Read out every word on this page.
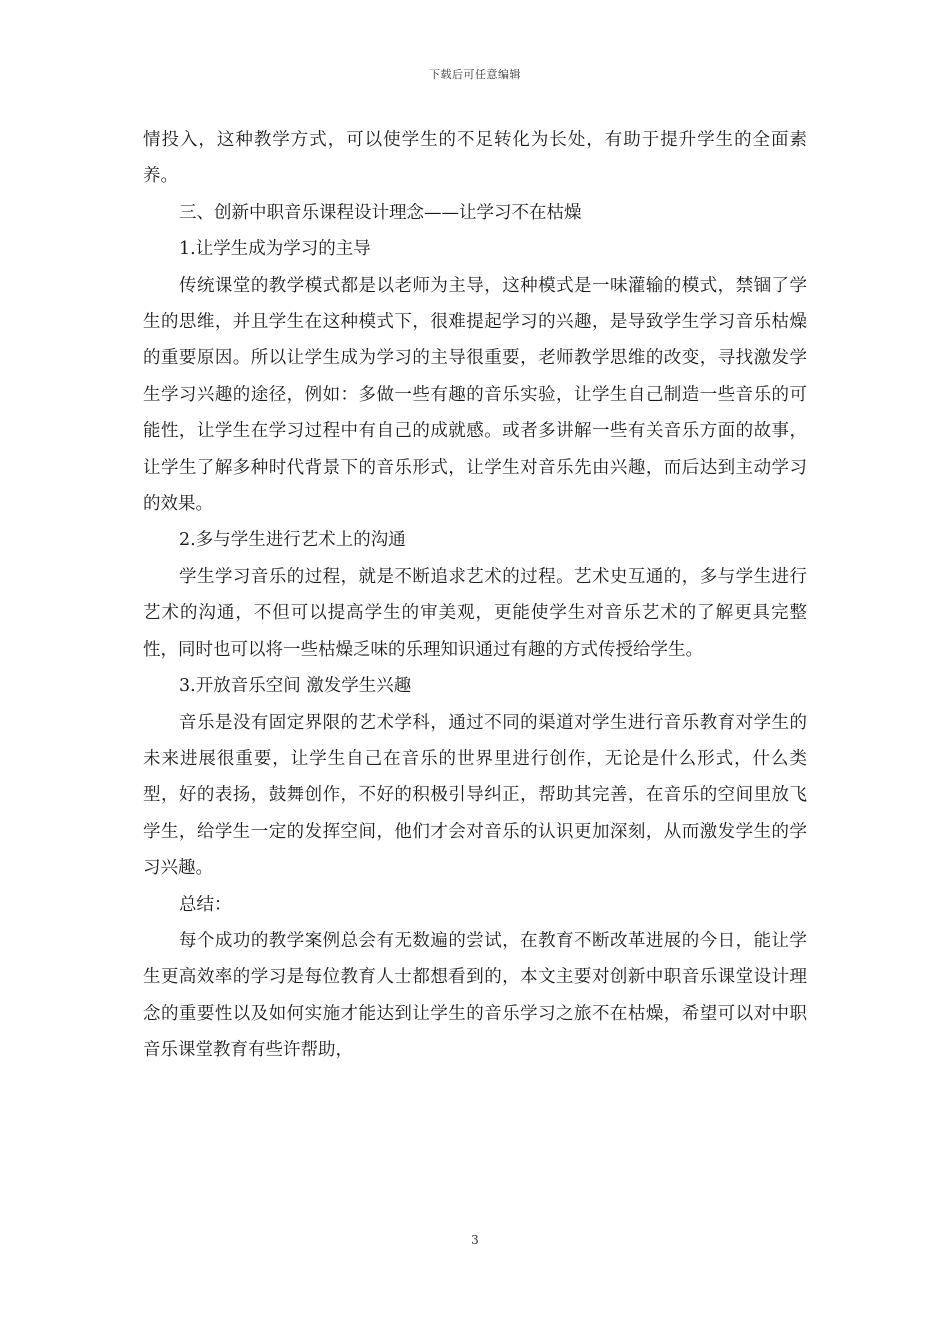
下载后可任意编辑

情投入，这种教学方式，可以使学生的不足转化为长处，有助于提升学生的全面素养。

三、创新中职音乐课程设计理念——让学习不在枯燥

1.让学生成为学习的主导

传统课堂的教学模式都是以老师为主导，这种模式是一味灌输的模式，禁锢了学生的思维，并且学生在这种模式下，很难提起学习的兴趣，是导致学生学习音乐枯燥的重要原因。所以让学生成为学习的主导很重要，老师教学思维的改变，寻找激发学生学习兴趣的途径，例如：多做一些有趣的音乐实验，让学生自己制造一些音乐的可能性，让学生在学习过程中有自己的成就感。或者多讲解一些有关音乐方面的故事，让学生了解多种时代背景下的音乐形式，让学生对音乐先由兴趣，而后达到主动学习的效果。

2.多与学生进行艺术上的沟通

学生学习音乐的过程，就是不断追求艺术的过程。艺术史互通的，多与学生进行艺术的沟通，不但可以提高学生的审美观，更能使学生对音乐艺术的了解更具完整性，同时也可以将一些枯燥乏味的乐理知识通过有趣的方式传授给学生。

3.开放音乐空间 激发学生兴趣

音乐是没有固定界限的艺术学科，通过不同的渠道对学生进行音乐教育对学生的未来进展很重要，让学生自己在音乐的世界里进行创作，无论是什么形式，什么类型，好的表扬，鼓舞创作，不好的积极引导纠正，帮助其完善，在音乐的空间里放飞学生，给学生一定的发挥空间，他们才会对音乐的认识更加深刻，从而激发学生的学习兴趣。

总结：

每个成功的教学案例总会有无数遍的尝试，在教育不断改革进展的今日，能让学生更高效率的学习是每位教育人士都想看到的，本文主要对创新中职音乐课堂设计理念的重要性以及如何实施才能达到让学生的音乐学习之旅不在枯燥，希望可以对中职音乐课堂教育有些许帮助，

3
